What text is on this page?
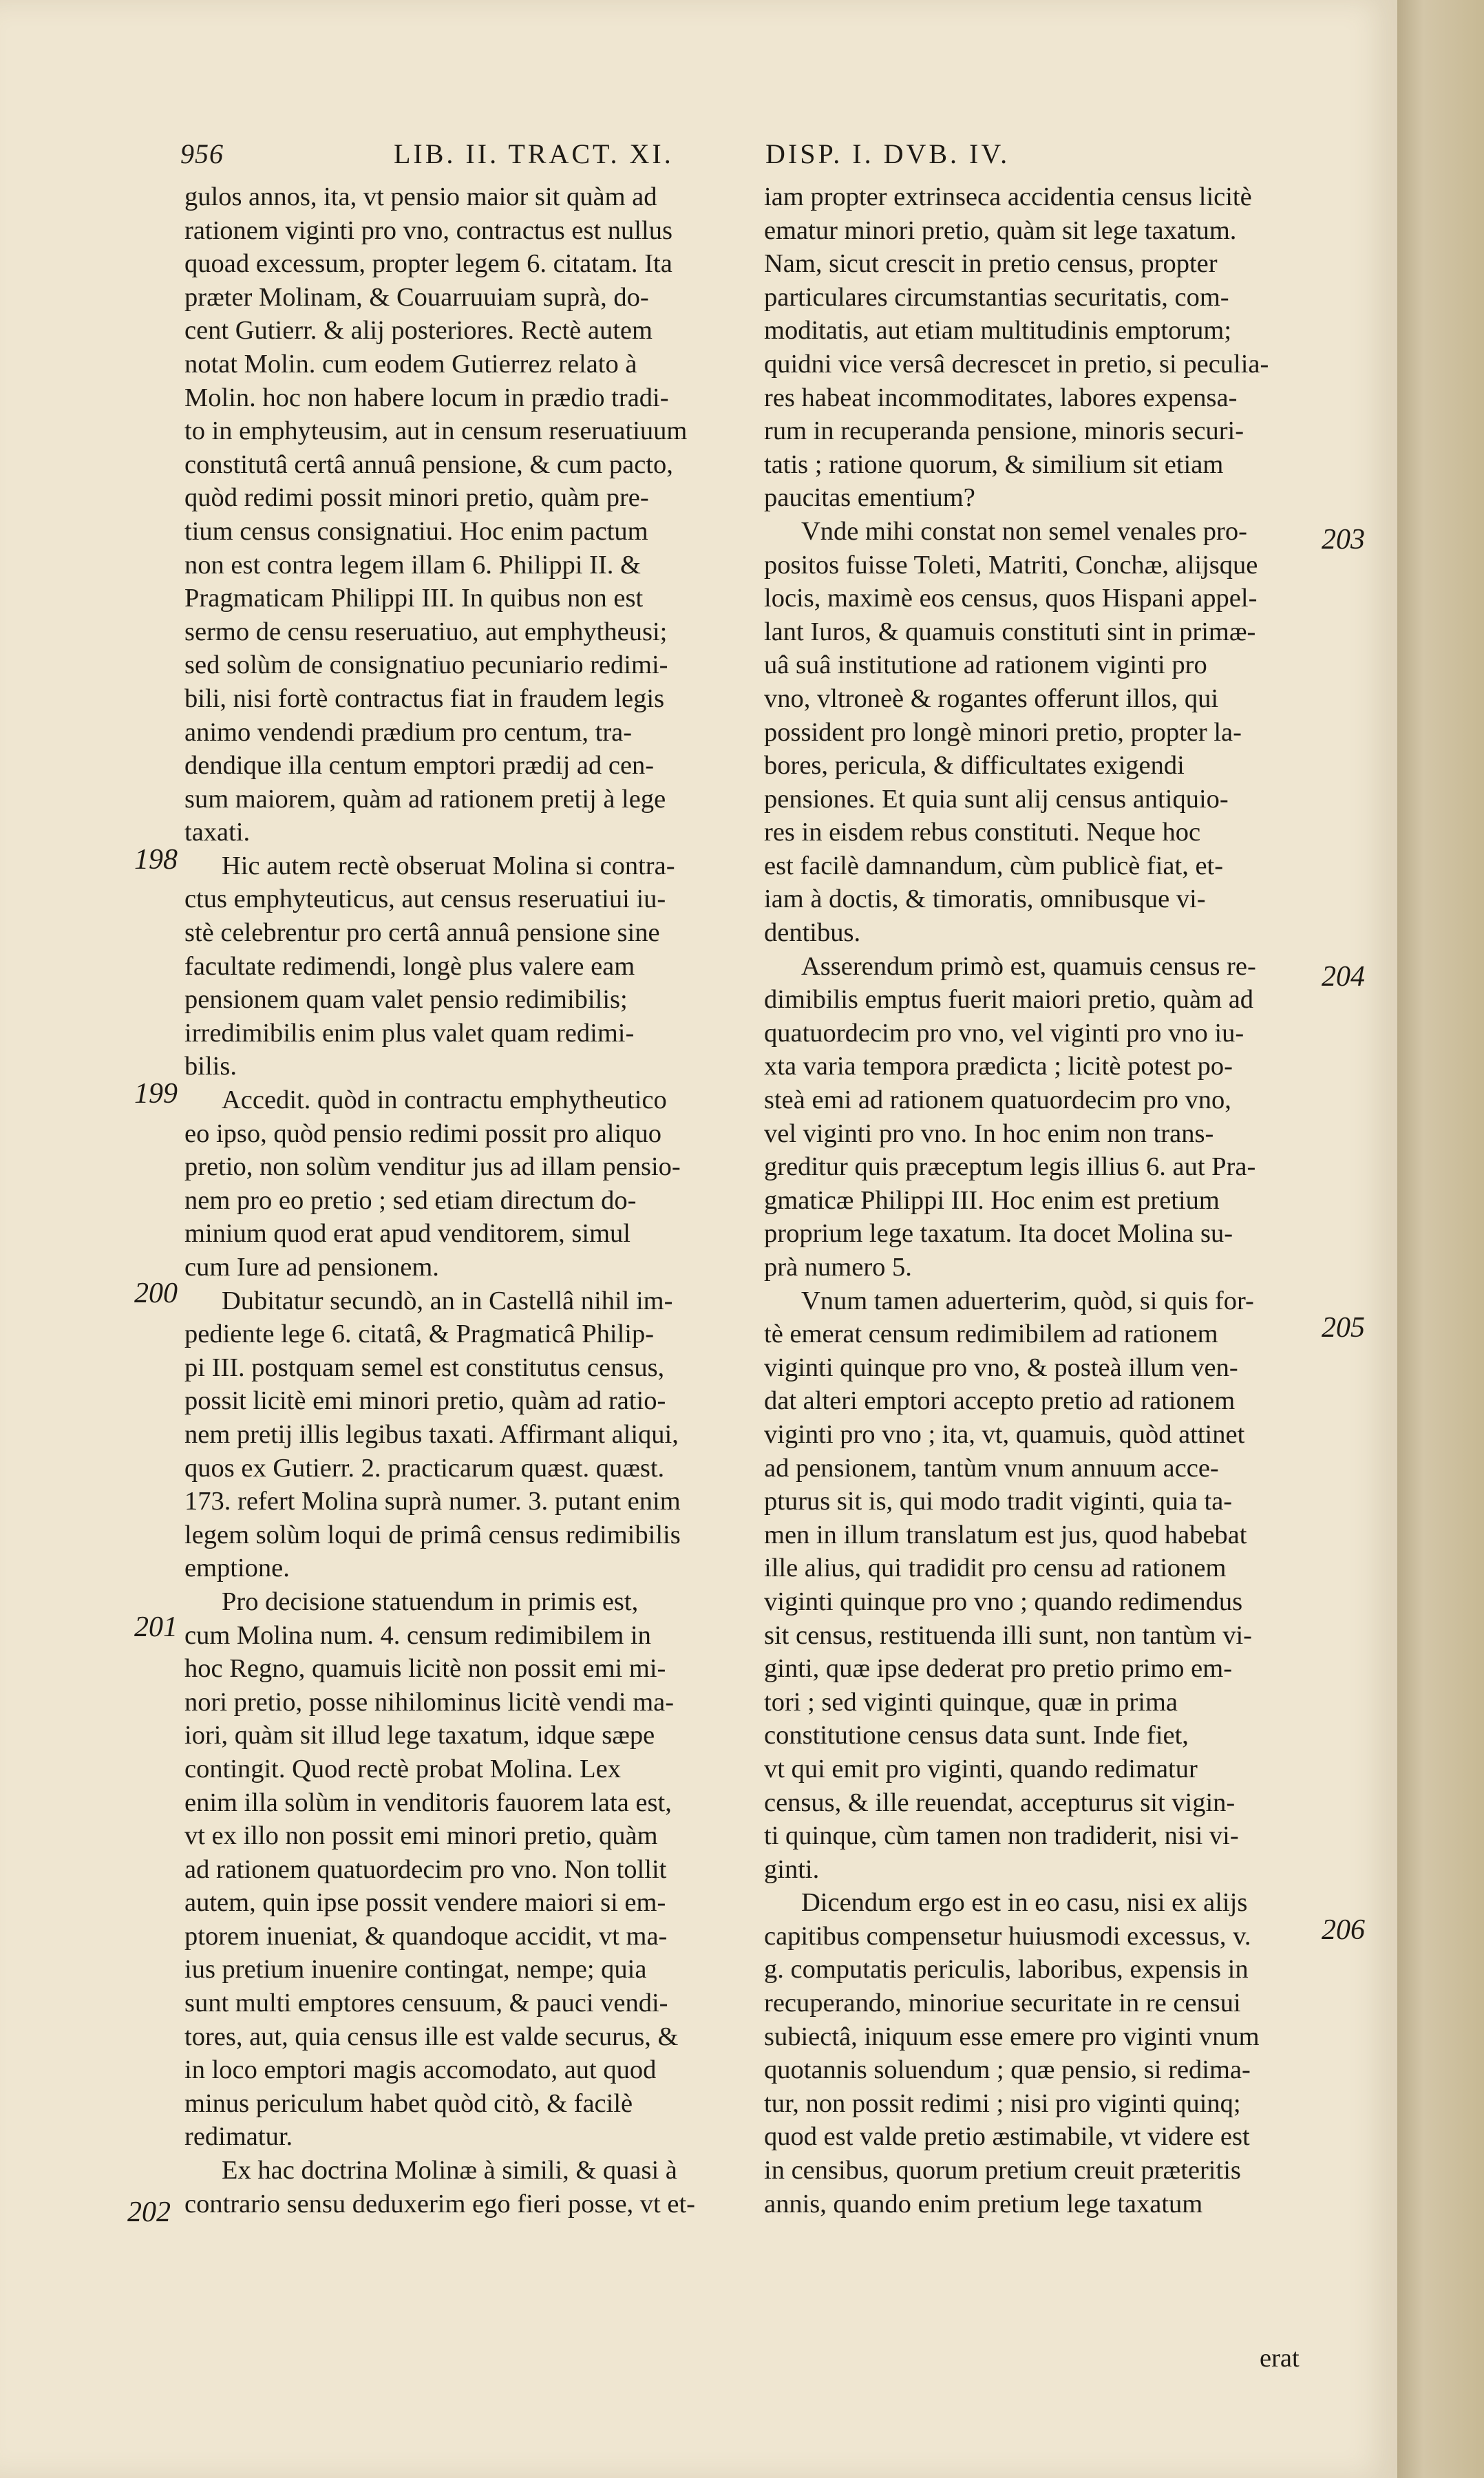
956	LIB. II. TRACT. XI.	DISP. I. DVB. IV.
gulos annos, ita, vt pensio maior sit quàm ad
rationem viginti pro vno, contractus est nullus
quoad excessum, propter legem 6. citatam. Ita
præter Molinam, & Couarruuiam suprà, do-
cent Gutierr. & alij posteriores. Rectè autem
notat Molin. cum eodem Gutierrez relato à
Molin. hoc non habere locum in prædio tradi-
to in emphyteusim, aut in censum reseruatiuum
constitutâ certâ annuâ pensione, & cum pacto,
quòd redimi possit minori pretio, quàm pre-
tium census consignatiui. Hoc enim pactum
non est contra legem illam 6. Philippi II. &
Pragmaticam Philippi III. In quibus non est
sermo de censu reseruatiuo, aut emphytheusi;
sed solùm de consignatiuo pecuniario redimi-
bili, nisi fortè contractus fiat in fraudem legis
animo vendendi prædium pro centum, tra-
dendique illa centum emptori prædij ad cen-
sum maiorem, quàm ad rationem pretij à lege
taxati.
Hic autem rectè obseruat Molina si contra-
ctus emphyteuticus, aut census reseruatiui iu-
stè celebrentur pro certâ annuâ pensione sine
facultate redimendi, longè plus valere eam
pensionem quam valet pensio redimibilis;
irredimibilis enim plus valet quam redimi-
bilis.
Accedit. quòd in contractu emphytheutico
eo ipso, quòd pensio redimi possit pro aliquo
pretio, non solùm venditur jus ad illam pensio-
nem pro eo pretio ; sed etiam directum do-
minium quod erat apud venditorem, simul
cum Iure ad pensionem.
Dubitatur secundò, an in Castellâ nihil im-
pediente lege 6. citatâ, & Pragmaticâ Philip-
pi III. postquam semel est constitutus census,
possit licitè emi minori pretio, quàm ad ratio-
nem pretij illis legibus taxati. Affirmant aliqui,
quos ex Gutierr. 2. practicarum quæst. quæst.
173. refert Molina suprà numer. 3. putant enim
legem solùm loqui de primâ census redimibilis
emptione.
Pro decisione statuendum in primis est,
cum Molina num. 4. censum redimibilem in
hoc Regno, quamuis licitè non possit emi mi-
nori pretio, posse nihilominus licitè vendi ma-
iori, quàm sit illud lege taxatum, idque sæpe
contingit. Quod rectè probat Molina. Lex
enim illa solùm in venditoris fauorem lata est,
vt ex illo non possit emi minori pretio, quàm
ad rationem quatuordecim pro vno. Non tollit
autem, quin ipse possit vendere maiori si em-
ptorem inueniat, & quandoque accidit, vt ma-
ius pretium inuenire contingat, nempe; quia
sunt multi emptores censuum, & pauci vendi-
tores, aut, quia census ille est valde securus, &
in loco emptori magis accomodato, aut quod
minus periculum habet quòd citò, & facilè
redimatur.
Ex hac doctrina Molinæ à simili, & quasi à
contrario sensu deduxerim ego fieri posse, vt et-
iam propter extrinseca accidentia census licitè
ematur minori pretio, quàm sit lege taxatum.
Nam, sicut crescit in pretio census, propter
particulares circumstantias securitatis, com-
moditatis, aut etiam multitudinis emptorum;
quidni vice versâ decrescet in pretio, si peculia-
res habeat incommoditates, labores expensa-
rum in recuperanda pensione, minoris securi-
tatis ; ratione quorum, & similium sit etiam
paucitas ementium?
Vnde mihi constat non semel venales pro-
positos fuisse Toleti, Matriti, Conchæ, alijsque
locis, maximè eos census, quos Hispani appel-
lant Iuros, & quamuis constituti sint in primæ-
uâ suâ institutione ad rationem viginti pro
vno, vltroneè & rogantes offerunt illos, qui
possident pro longè minori pretio, propter la-
bores, pericula, & difficultates exigendi
pensiones. Et quia sunt alij census antiquio-
res in eisdem rebus constituti. Neque hoc
est facilè damnandum, cùm publicè fiat, et-
iam à doctis, & timoratis, omnibusque vi-
dentibus.
Asserendum primò est, quamuis census re-
dimibilis emptus fuerit maiori pretio, quàm ad
quatuordecim pro vno, vel viginti pro vno iu-
xta varia tempora prædicta ; licitè potest po-
steà emi ad rationem quatuordecim pro vno,
vel viginti pro vno. In hoc enim non trans-
greditur quis præceptum legis illius 6. aut Pra-
gmaticæ Philippi III. Hoc enim est pretium
proprium lege taxatum. Ita docet Molina su-
prà numero 5.
Vnum tamen aduerterim, quòd, si quis for-
tè emerat censum redimibilem ad rationem
viginti quinque pro vno, & posteà illum ven-
dat alteri emptori accepto pretio ad rationem
viginti pro vno ; ita, vt, quamuis, quòd attinet
ad pensionem, tantùm vnum annuum acce-
pturus sit is, qui modo tradit viginti, quia ta-
men in illum translatum est jus, quod habebat
ille alius, qui tradidit pro censu ad rationem
viginti quinque pro vno ; quando redimendus
sit census, restituenda illi sunt, non tantùm vi-
ginti, quæ ipse dederat pro pretio primo em-
tori ; sed viginti quinque, quæ in prima
constitutione census data sunt. Inde fiet,
vt qui emit pro viginti, quando redimatur
census, & ille reuendat, accepturus sit vigin-
ti quinque, cùm tamen non tradiderit, nisi vi-
ginti.
Dicendum ergo est in eo casu, nisi ex alijs
capitibus compensetur huiusmodi excessus, v.
g. computatis periculis, laboribus, expensis in
recuperando, minoriue securitate in re censui
subiectâ, iniquum esse emere pro viginti vnum
quotannis soluendum ; quæ pensio, si redima-
tur, non possit redimi ; nisi pro viginti quinq;
quod est valde pretio æstimabile, vt videre est
in censibus, quorum pretium creuit præteritis
annis, quando enim pretium lege taxatum
198
199
200
201
202
203
204
205
206
erat
